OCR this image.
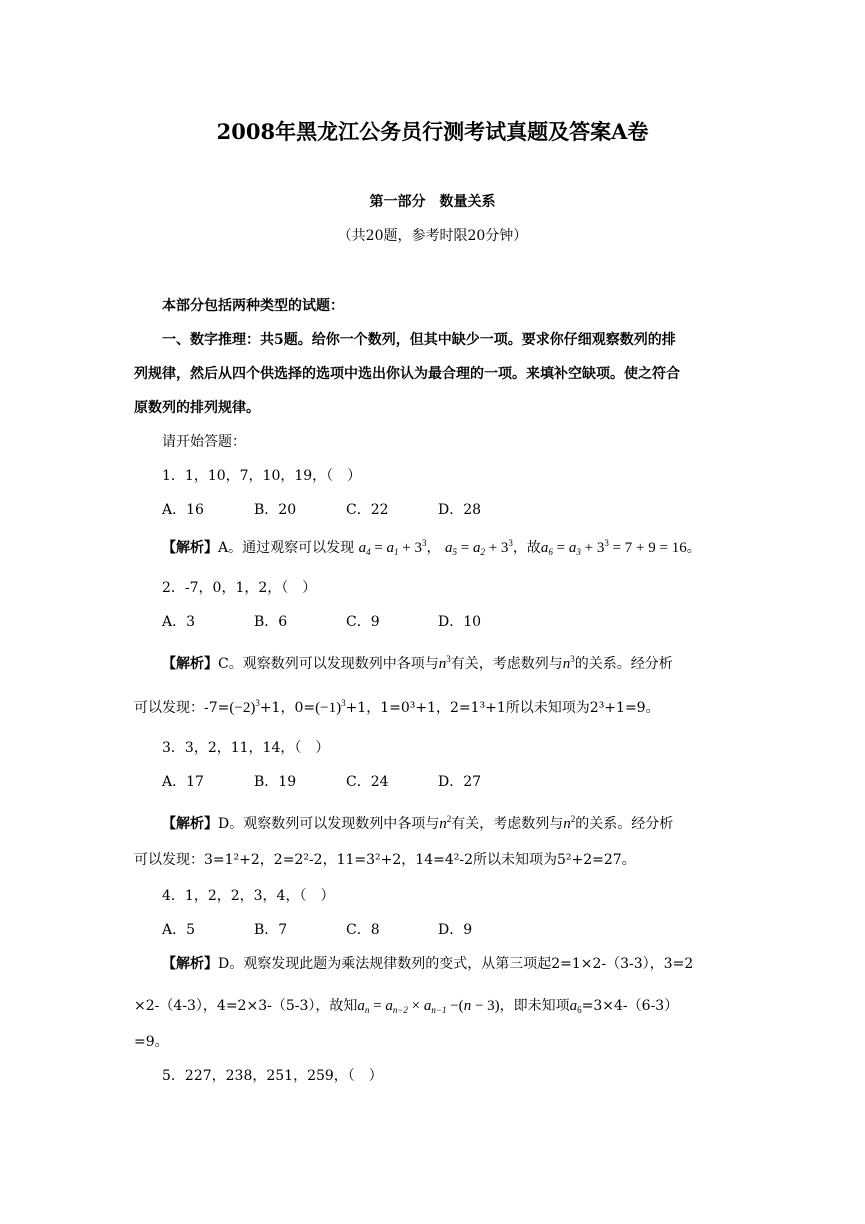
2008年黑龙江公务员行测考试真题及答案A卷
第一部分　数量关系
（共20题，参考时限20分钟）
本部分包括两种类型的试题：
一、数字推理：共5题。给你一个数列，但其中缺少一项。要求你仔细观察数列的排
列规律，然后从四个供选择的选项中选出你认为最合理的一项。来填补空缺项。使之符合
原数列的排列规律。
请开始答题：
1．1，10，7，10，19，（　）
A．16	B．20	C．22	D．28
【解析】A。通过观察可以发现 $a_4 = a_1 + 3^3$， $a_5 = a_2 + 3^3$，故$a_6 = a_3 + 3^3 = 7 + 9 = 16$。
2．-7，0，1，2，（　）
A．3	B．6	C．9	D．10
【解析】C。观察数列可以发现数列中各项与$n^3$有关，考虑数列与$n^3$的关系。经分析
可以发现：$-7=(-2)^3+1$，$0=(-1)^3+1$，1=0³+1，2=1³+1所以未知项为2³+1=9。
3．3，2，11，14，（　）
A．17	B．19	C．24	D．27
【解析】D。观察数列可以发现数列中各项与$n^2$有关，考虑数列与$n^2$的关系。经分析
可以发现：3=1²+2，2=2²-2，11=3²+2，14=4²-2所以未知项为5²+2=27。
4．1，2，2，3，4，（　）
A．5	B．7	C．8	D．9
【解析】D。观察发现此题为乘法规律数列的变式，从第三项起2=1×2-（3-3），3=2
×2-（4-3），4=2×3-（5-3），故知$a_n = a_{n-2} \times a_{n-1} -(n - 3)$，即未知项$a_6=3\times 4-(6-3)$
=9。
5．227，238，251，259，（　）
